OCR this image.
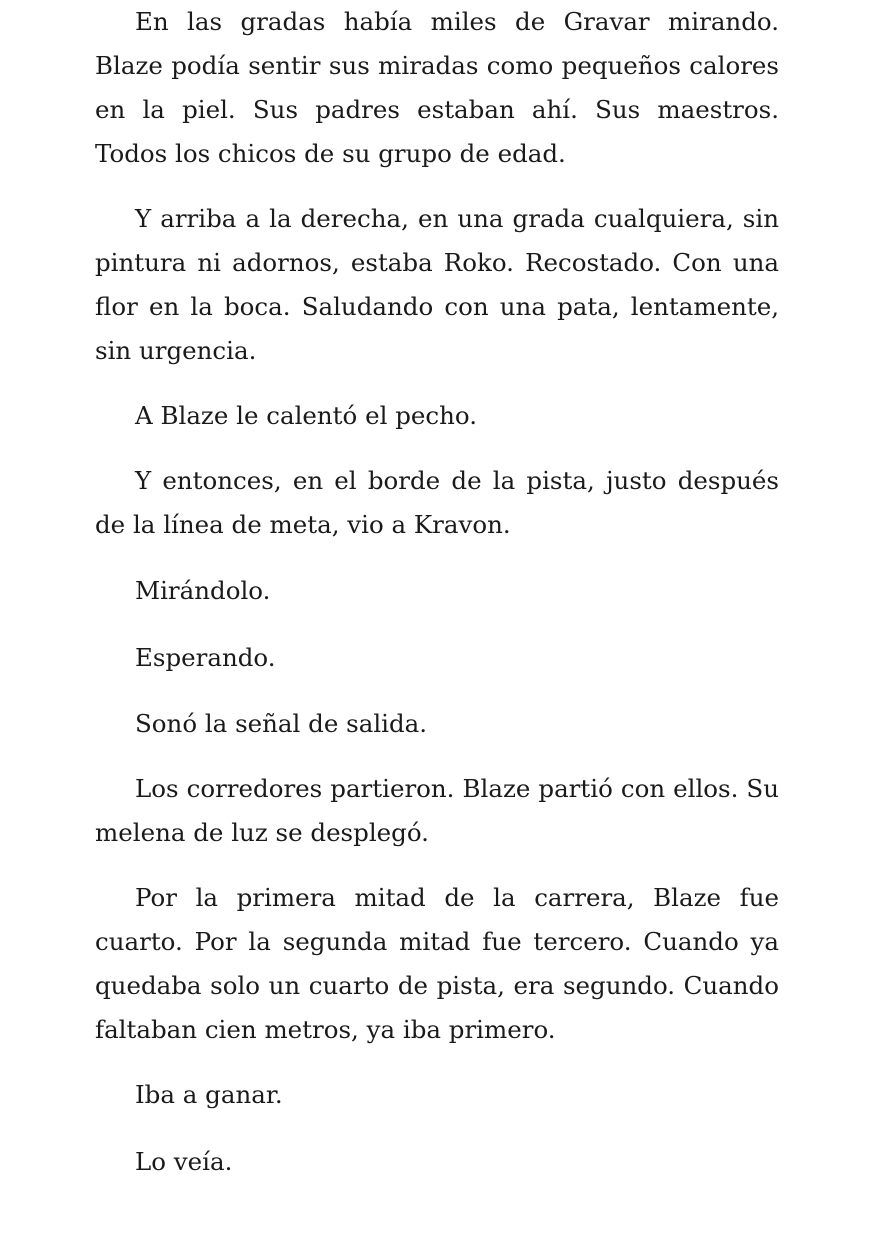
En las gradas había miles de Gravar mirando. Blaze podía sentir sus miradas como pequeños calores en la piel. Sus padres estaban ahí. Sus maestros. Todos los chicos de su grupo de edad.

Y arriba a la derecha, en una grada cualquiera, sin pintura ni adornos, estaba Roko. Recostado. Con una flor en la boca. Saludando con una pata, lentamente, sin urgencia.

A Blaze le calentó el pecho.

Y entonces, en el borde de la pista, justo después de la línea de meta, vio a Kravon.

Mirándolo.

Esperando.

Sonó la señal de salida.

Los corredores partieron. Blaze partió con ellos. Su melena de luz se desplegó.

Por la primera mitad de la carrera, Blaze fue cuarto. Por la segunda mitad fue tercero. Cuando ya quedaba solo un cuarto de pista, era segundo. Cuando faltaban cien metros, ya iba primero.

Iba a ganar.

Lo veía.
